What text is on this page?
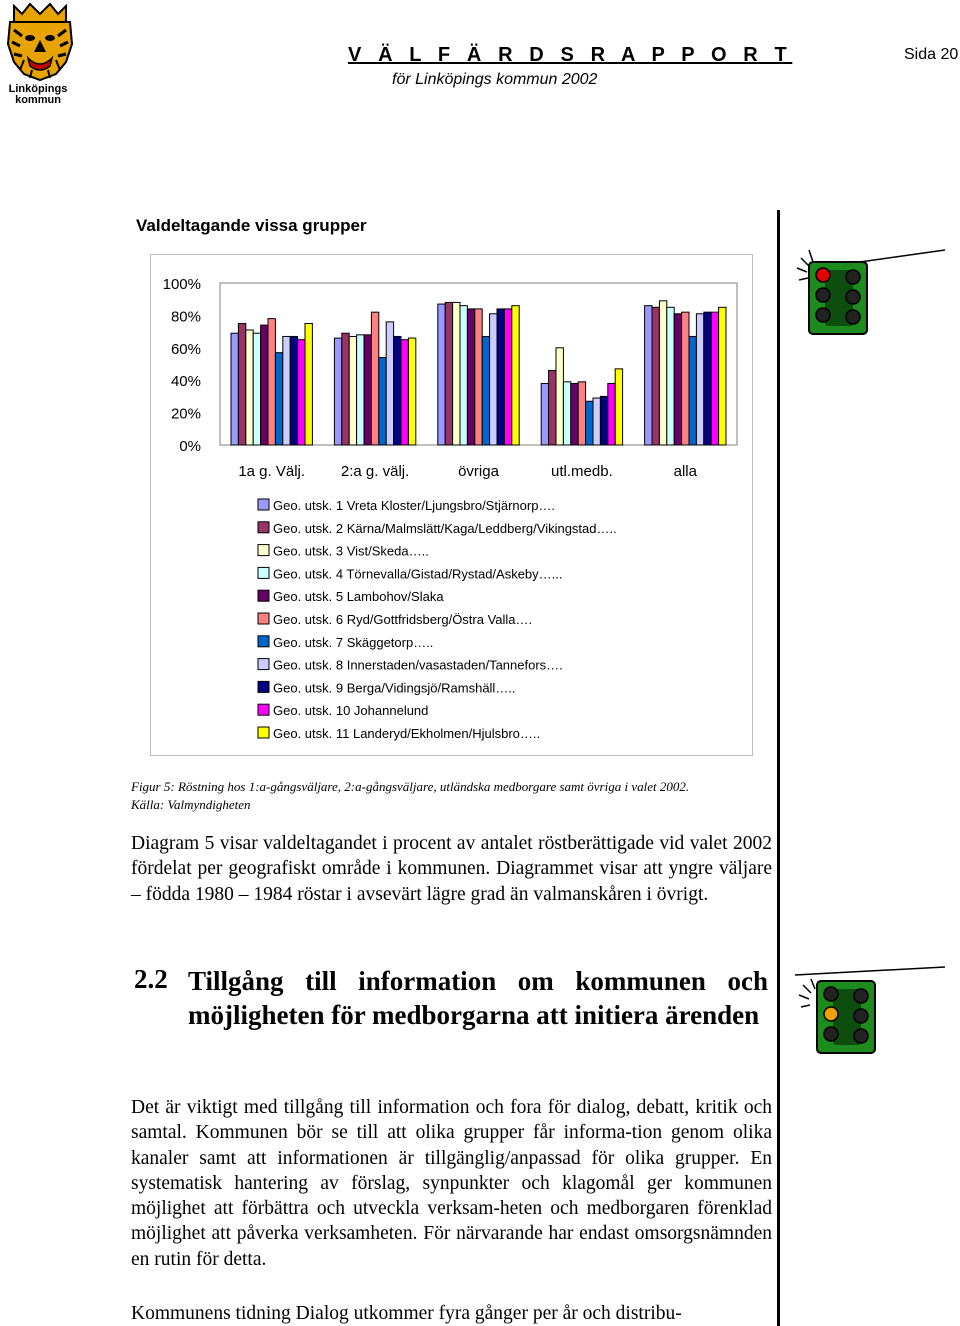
Linköpings
kommun
V Ä L F Ä R D S R A P P O R T
för Linköpings kommun 2002
Sida 20
Valdeltagande vissa grupper
100%
80%
60%
40%
20%
0%
1a g. Välj. 2:a g. välj.	övriga	utl.medb.	alla
Geo. utsk. 1 Vreta Kloster/Ljungsbro/Stjärnorp….
Geo. utsk. 2 Kärna/Malmslätt/Kaga/Leddberg/Vikingstad…..
Geo. utsk. 3 Vist/Skeda…..
Geo. utsk. 4 Törnevalla/Gistad/Rystad/Askeby…...
Geo. utsk. 5 Lambohov/Slaka
Geo. utsk. 6 Ryd/Gottfridsberg/Östra Valla….
Geo. utsk. 7 Skäggetorp…..
Geo. utsk. 8 Innerstaden/vasastaden/Tannefors….
Geo. utsk. 9 Berga/Vidingsjö/Ramshäll…..
Geo. utsk. 10 Johannelund
Geo. utsk. 11 Landeryd/Ekholmen/Hjulsbro…..
Figur 5: Röstning hos 1:a-gångsväljare, 2:a-gångsväljare, utländska medborgare samt övriga i valet 2002.
Källa: Valmyndigheten
Diagram 5 visar valdeltagandet i procent av antalet röstberättigade vid valet 2002 fördelat per geografiskt område i kommunen. Diagrammet visar att yngre väljare – födda 1980 – 1984 röstar i avsevärt lägre grad än valmanskåren i övrigt.
2.2 Tillgång till information om kommunen och möjligheten för medborgarna att initiera ärenden
Det är viktigt med tillgång till information och fora för dialog, debatt, kritik och samtal. Kommunen bör se till att olika grupper får informa-tion genom olika kanaler samt att informationen är tillgänglig/anpassad för olika grupper. En systematisk hantering av förslag, synpunkter och klagomål ger kommunen möjlighet att förbättra och utveckla verksam-heten och medborgaren förenklad möjlighet att påverka verksamheten. För närvarande har endast omsorgsnämnden en rutin för detta.
Kommunens tidning Dialog utkommer fyra gånger per år och distribu-
